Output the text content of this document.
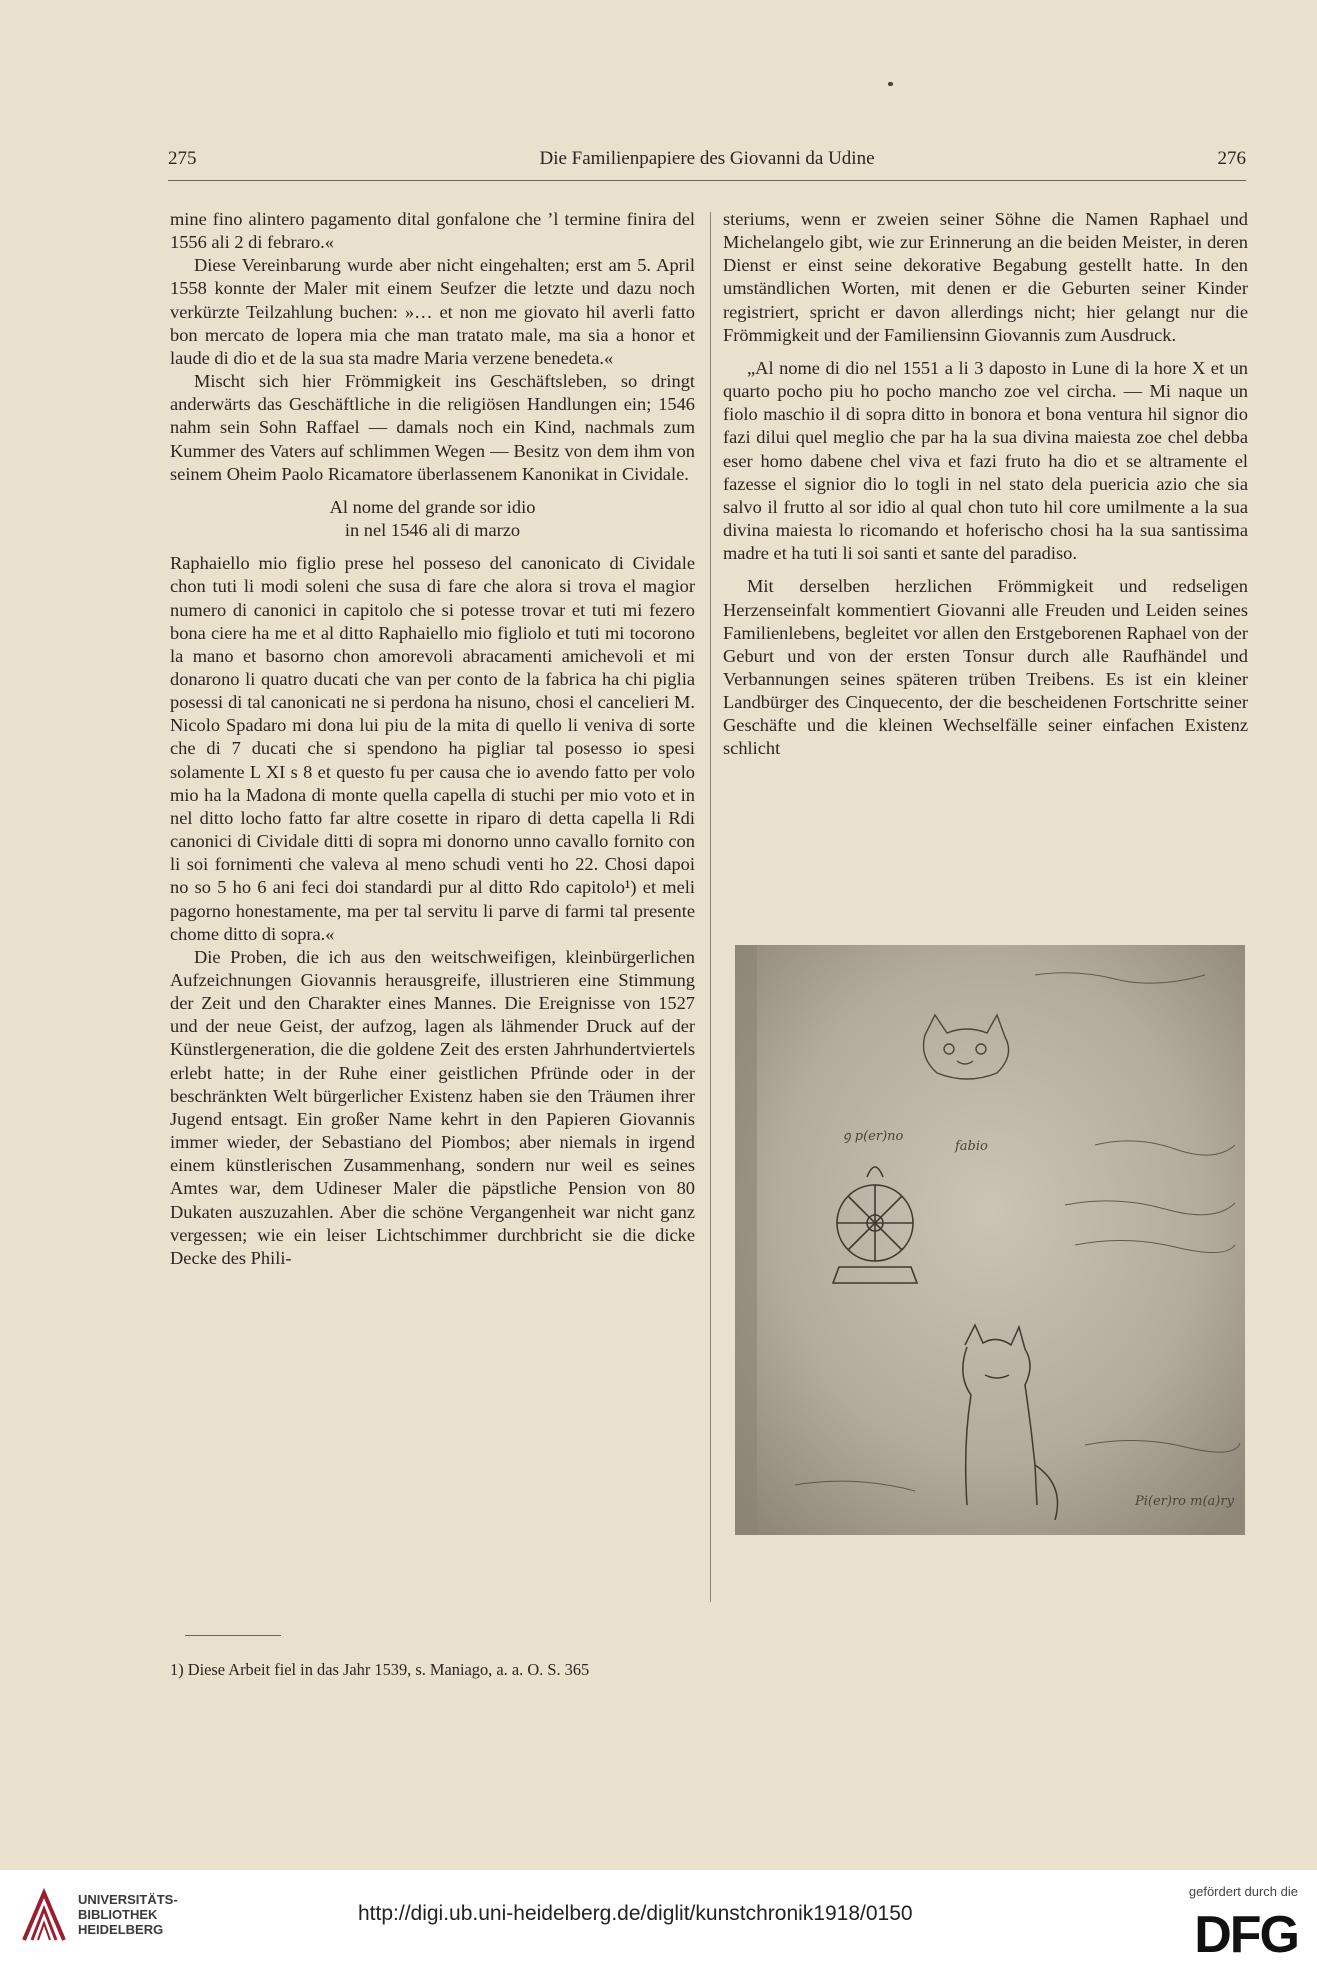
275	Die Familienpapiere des Giovanni da Udine	276

mine fino alintero pagamento dital gonfalone che ’l termine finira del 1556 ali 2 di febraro.«

Diese Vereinbarung wurde aber nicht eingehalten; erst am 5. April 1558 konnte der Maler mit einem Seufzer die letzte und dazu noch verkürzte Teilzahlung buchen: »… et non me giovato hil averli fatto bon mercato de lopera mia che man tratato male, ma sia a honor et laude di dio et de la sua sta madre Maria verzene benedeta.«

Mischt sich hier Frömmigkeit ins Geschäftsleben, so dringt anderwärts das Geschäftliche in die religiösen Handlungen ein; 1546 nahm sein Sohn Raffael — damals noch ein Kind, nachmals zum Kummer des Vaters auf schlimmen Wegen — Besitz von dem ihm von seinem Oheim Paolo Ricamatore überlassenem Kanonikat in Cividale.

Al nome del grande sor idio

in nel 1546 ali di marzo

Raphaiello mio figlio prese hel posseso del canonicato di Cividale chon tuti li modi soleni che susa di fare che alora si trova el magior numero di canonici in capitolo che si potesse trovar et tuti mi fezero bona ciere ha me et al ditto Raphaiello mio figliolo et tuti mi tocorono la mano et basorno chon amorevoli abracamenti amichevoli et mi donarono li quatro ducati che van per conto de la fabrica ha chi piglia posessi di tal canonicati ne si perdona ha nisuno, chosi el cancelieri M. Nicolo Spadaro mi dona lui piu de la mita di quello li veniva di sorte che di 7 ducati che si spendono ha pigliar tal posesso io spesi solamente L XI s 8 et questo fu per causa che io avendo fatto per volo mio ha la Madona di monte quella capella di stuchi per mio voto et in nel ditto locho fatto far altre cosette in riparo di detta capella li Rdi canonici di Cividale ditti di sopra mi donorno unno cavallo fornito con li soi fornimenti che valeva al meno schudi venti ho 22. Chosi dapoi no so 5 ho 6 ani feci doi standardi pur al ditto Rdo capitolo¹) et meli pagorno honestamente, ma per tal servitu li parve di farmi tal presente chome ditto di sopra.«

Die Proben, die ich aus den weitschweifigen, kleinbürgerlichen Aufzeichnungen Giovannis herausgreife, illustrieren eine Stimmung der Zeit und den Charakter eines Mannes. Die Ereignisse von 1527 und der neue Geist, der aufzog, lagen als lähmender Druck auf der Künstlergeneration, die die goldene Zeit des ersten Jahrhundertviertels erlebt hatte; in der Ruhe einer geistlichen Pfründe oder in der beschränkten Welt bürgerlicher Existenz haben sie den Träumen ihrer Jugend entsagt. Ein großer Name kehrt in den Papieren Giovannis immer wieder, der Sebastiano del Piombos; aber niemals in irgend einem künstlerischen Zusammenhang, sondern nur weil es seines Amtes war, dem Udineser Maler die päpstliche Pension von 80 Dukaten auszuzahlen. Aber die schöne Vergangenheit war nicht ganz vergessen; wie ein leiser Lichtschimmer durchbricht sie die dicke Decke des Phili-

steriums, wenn er zweien seiner Söhne die Namen Raphael und Michelangelo gibt, wie zur Erinnerung an die beiden Meister, in deren Dienst er einst seine dekorative Begabung gestellt hatte. In den umständlichen Worten, mit denen er die Geburten seiner Kinder registriert, spricht er davon allerdings nicht; hier gelangt nur die Frömmigkeit und der Familiensinn Giovannis zum Ausdruck.

„Al nome di dio nel 1551 a li 3 daposto in Lune di la hore X et un quarto pocho piu ho pocho mancho zoe vel circha. — Mi naque un fiolo maschio il di sopra ditto in bonora et bona ventura hil signor dio fazi dilui quel meglio che par ha la sua divina maiesta zoe chel debba eser homo dabene chel viva et fazi fruto ha dio et se altramente el fazesse el signior dio lo togli in nel stato dela puericia azio che sia salvo il frutto al sor idio al qual chon tuto hil core umilmente a la sua divina maiesta lo ricomando et hoferischo chosi ha la sua santissima madre et ha tuti li soi santi et sante del paradiso.

Mit derselben herzlichen Frömmigkeit und redseligen Herzenseinfalt kommentiert Giovanni alle Freuden und Leiden seines Familienlebens, begleitet vor allen den Erstgeborenen Raphael von der Geburt und von der ersten Tonsur durch alle Raufhändel und Verbannungen seines späteren trüben Treibens. Es ist ein kleiner Landbürger des Cinquecento, der die bescheidenen Fortschritte seiner Geschäfte und die kleinen Wechselfälle seiner einfachen Existenz schlicht

1) Diese Arbeit fiel in das Jahr 1539, s. Maniago, a. a. O. S. 365

ꝯ p(er)no
fabio
Pi(er)ro m(a)ry
UNIVERSITÄTS-
BIBLIOTHEK
HEIDELBERG
http://digi.ub.uni-heidelberg.de/diglit/kunstchronik1918/0150
gefördert durch die
DFG
